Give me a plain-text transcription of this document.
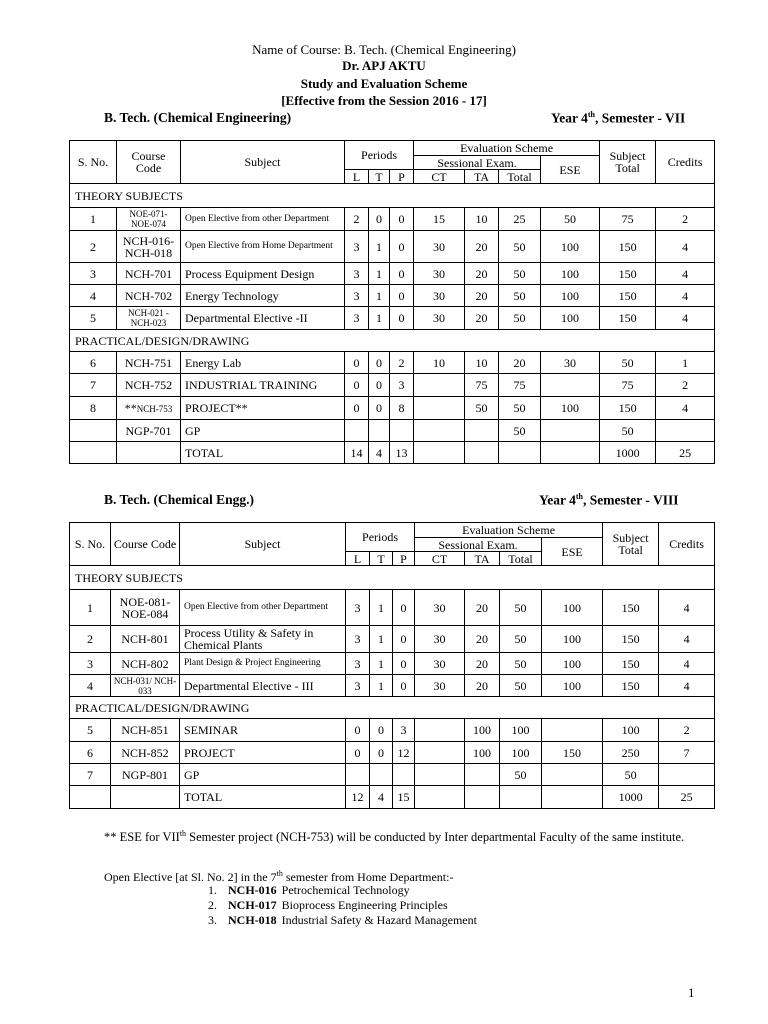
Name of Course: B. Tech. (Chemical Engineering)
Dr. APJ AKTU
Study and Evaluation Scheme
[Effective from the Session 2016 - 17]
B. Tech. (Chemical Engineering)	Year 4th, Semester - VII
S. No.	Course Code	Subject	Periods			Evaluation Scheme				Subject Total	Credits
						Sessional Exam.			ESE		
			L	T	P	CT	TA	Total			
THEORY SUBJECTS											
1	NOE-071-NOE-074	Open Elective from other Department	2	0	0	15	10	25	50	75	2
2	NCH-016-NCH-018	Open Elective from Home Department	3	1	0	30	20	50	100	150	4
3	NCH-701	Process Equipment Design	3	1	0	30	20	50	100	150	4
4	NCH-702	Energy Technology	3	1	0	30	20	50	100	150	4
5	NCH-021 - NCH-023	Departmental Elective -II	3	1	0	30	20	50	100	150	4
PRACTICAL/DESIGN/DRAWING											
6	NCH-751	Energy Lab	0	0	2	10	10	20	30	50	1
7	NCH-752	INDUSTRIAL TRAINING	0	0	3		75	75		75	2
8	**NCH-753	PROJECT**	0	0	8		50	50	100	150	4
	NGP-701	GP						50		50	
		TOTAL	14	4	13					1000	25
B. Tech. (Chemical Engg.)	Year 4th, Semester - VIII
S. No.	Course Code	Subject	Periods			Evaluation Scheme				Subject Total	Credits
						Sessional Exam.			ESE		
			L	T	P	CT	TA	Total			
THEORY SUBJECTS											
1	NOE-081-NOE-084	Open Elective from other Department	3	1	0	30	20	50	100	150	4
2	NCH-801	Process Utility & Safety in Chemical Plants	3	1	0	30	20	50	100	150	4
3	NCH-802	Plant Design & Project Engineering	3	1	0	30	20	50	100	150	4
4	NCH-031/ NCH-033	Departmental Elective - III	3	1	0	30	20	50	100	150	4
PRACTICAL/DESIGN/DRAWING											
5	NCH-851	SEMINAR	0	0	3		100	100		100	2
6	NCH-852	PROJECT	0	0	12		100	100	150	250	7
7	NGP-801	GP						50		50	
		TOTAL	12	4	15					1000	25
** ESE for VIIth Semester project (NCH-753) will be conducted by Inter departmental Faculty of the same institute.
Open Elective [at Sl. No. 2] in the 7th semester from Home Department:-
1. NCH-016 Petrochemical Technology
2. NCH-017 Bioprocess Engineering Principles
3. NCH-018 Industrial Safety & Hazard Management
1
